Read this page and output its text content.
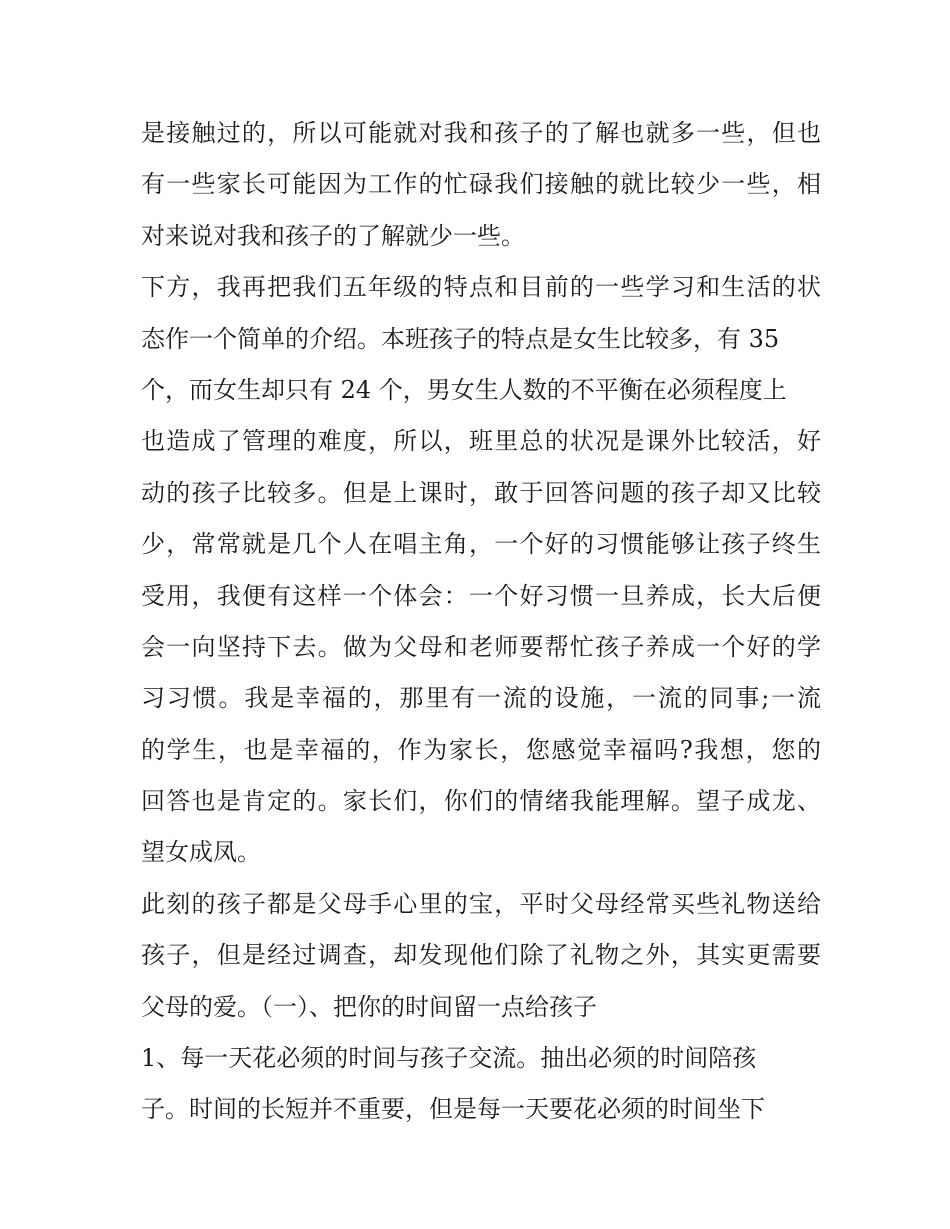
是接触过的，所以可能就对我和孩子的了解也就多一些，但也
有一些家长可能因为工作的忙碌我们接触的就比较少一些，相
对来说对我和孩子的了解就少一些。
下方，我再把我们五年级的特点和目前的一些学习和生活的状
态作一个简单的介绍。本班孩子的特点是女生比较多，有 35
个，而女生却只有 24 个，男女生人数的不平衡在必须程度上
也造成了管理的难度，所以，班里总的状况是课外比较活，好
动的孩子比较多。但是上课时，敢于回答问题的孩子却又比较
少，常常就是几个人在唱主角，一个好的习惯能够让孩子终生
受用，我便有这样一个体会：一个好习惯一旦养成，长大后便
会一向坚持下去。做为父母和老师要帮忙孩子养成一个好的学
习习惯。我是幸福的，那里有一流的设施，一流的同事;一流
的学生，也是幸福的，作为家长，您感觉幸福吗?我想，您的
回答也是肯定的。家长们，你们的情绪我能理解。望子成龙、
望女成凤。
此刻的孩子都是父母手心里的宝，平时父母经常买些礼物送给
孩子，但是经过调查，却发现他们除了礼物之外，其实更需要
父母的爱。（一）、把你的时间留一点给孩子
1、每一天花必须的时间与孩子交流。抽出必须的时间陪孩
子。时间的长短并不重要，但是每一天要花必须的时间坐下
